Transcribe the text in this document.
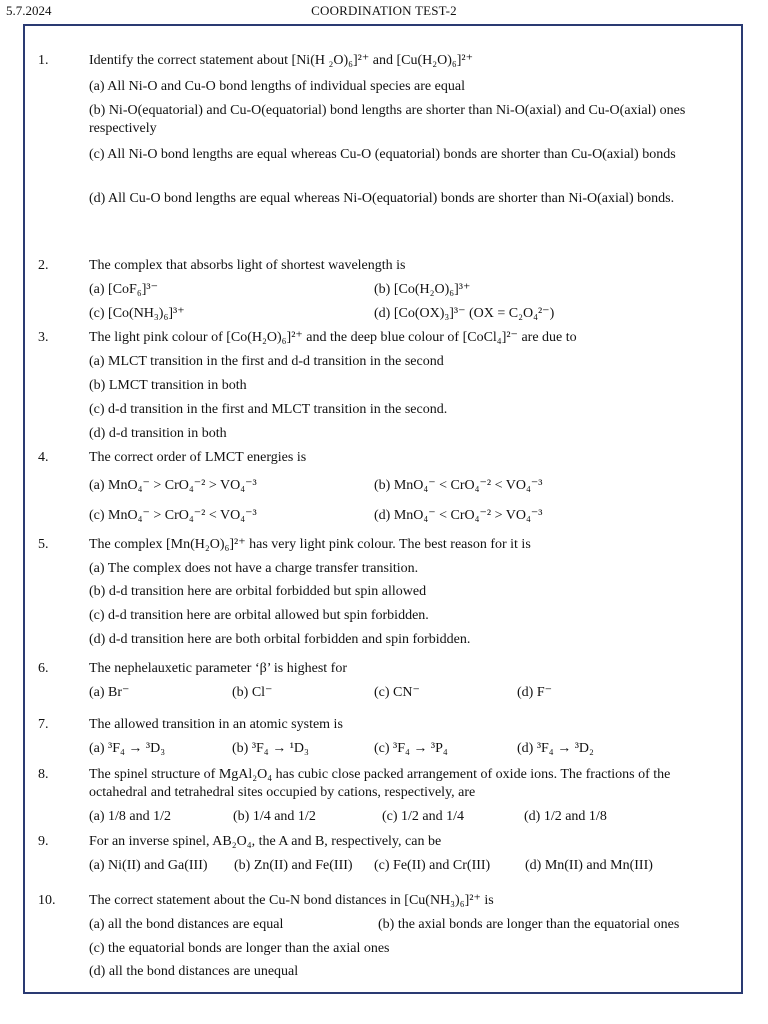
5.7.2024	COORDINATION TEST-2
1.	Identify the correct statement about [Ni(H ₂O)₆]²⁺ and [Cu(H₂O)₆]²⁺
(a) All Ni-O and Cu-O bond lengths of individual species are equal
(b) Ni-O(equatorial) and Cu-O(equatorial) bond lengths are shorter than Ni-O(axial) and Cu-O(axial) ones respectively
(c) All Ni-O bond lengths are equal whereas Cu-O (equatorial) bonds are shorter than Cu-O(axial) bonds
(d) All Cu-O bond lengths are equal whereas Ni-O(equatorial) bonds are shorter than Ni-O(axial) bonds.
2.	The complex that absorbs light of shortest wavelength is
(a) [CoF₆]³⁻	(b) [Co(H₂O)₆]³⁺
(c) [Co(NH₃)₆]³⁺	(d) [Co(OX)₃]³⁻ (OX = C₂O₄²⁻)
3.	The light pink colour of [Co(H₂O)₆]²⁺ and the deep blue colour of [CoCl₄]²⁻ are due to
(a) MLCT transition in the first and d-d transition in the second
(b) LMCT transition in both
(c) d-d transition in the first and MLCT transition in the second.
(d) d-d transition in both
4.	The correct order of LMCT energies is
(a) MnO₄⁻ > CrO₄⁻² > VO₄⁻³	(b) MnO₄⁻ < CrO₄⁻² < VO₄⁻³
(c) MnO₄⁻ > CrO₄⁻² < VO₄⁻³	(d) MnO₄⁻ < CrO₄⁻² > VO₄⁻³
5.	The complex [Mn(H₂O)₆]²⁺ has very light pink colour. The best reason for it is
(a) The complex does not have a charge transfer transition.
(b) d-d transition here are orbital forbidded but spin allowed
(c) d-d transition here are orbital allowed but spin forbidden.
(d) d-d transition here are both orbital forbidden and spin forbidden.
6.	The nephelauxetic parameter ‘β’ is highest for
(a) Br⁻	(b) Cl⁻	(c) CN⁻	(d) F⁻
7.	The allowed transition in an atomic system is
(a) ³F₄ → ³D₃	(b) ³F₄ → ¹D₃	(c) ³F₄ → ³P₄	(d) ³F₄ → ³D₂
8.	The spinel structure of MgAl₂O₄ has cubic close packed arrangement of oxide ions. The fractions of the octahedral and tetrahedral sites occupied by cations, respectively, are
(a) 1/8 and 1/2	(b) 1/4 and 1/2	(c) 1/2 and 1/4	(d) 1/2 and 1/8
9.	For an inverse spinel, AB₂O₄, the A and B, respectively, can be
(a) Ni(II) and Ga(III) (b) Zn(II) and Fe(III) (c) Fe(II) and Cr(III) (d) Mn(II) and Mn(III)
10. The correct statement about the Cu-N bond distances in [Cu(NH₃)₆]²⁺ is
(a) all the bond distances are equal	(b) the axial bonds are longer than the equatorial ones
(c) the equatorial bonds are longer than the axial ones
(d) all the bond distances are unequal
